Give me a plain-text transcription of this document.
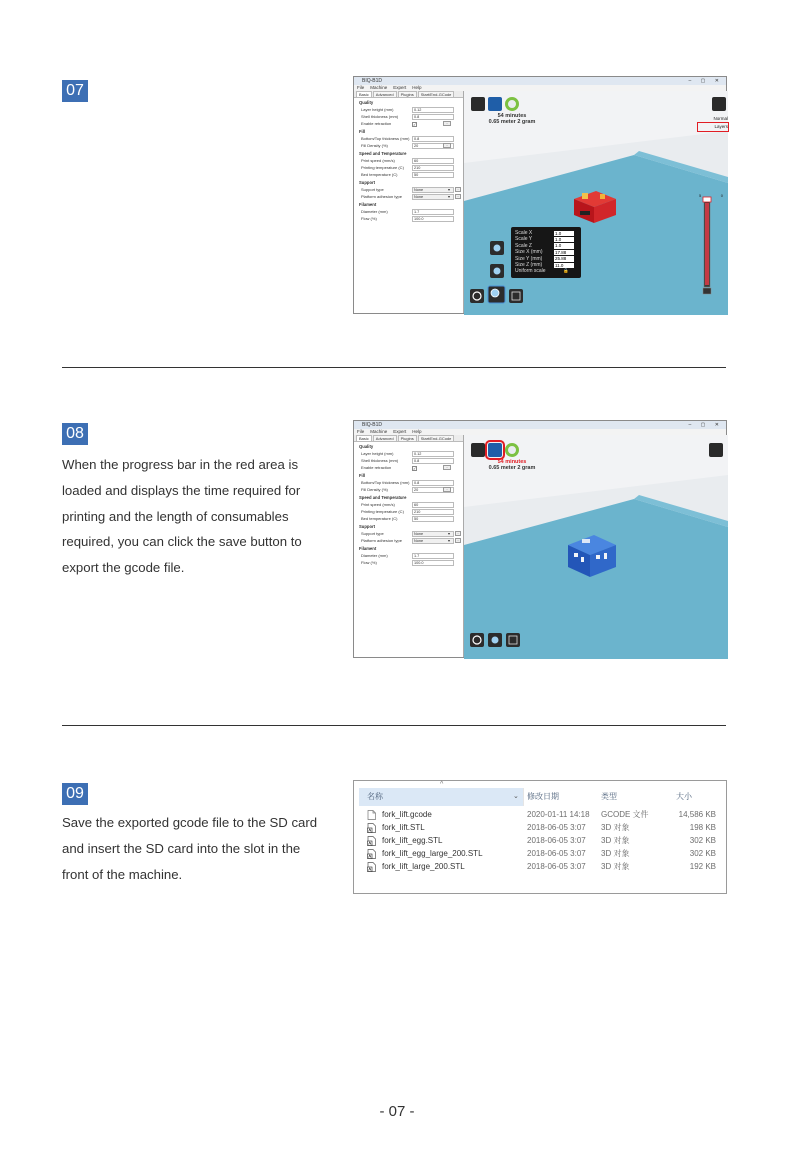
07
BIQ-B1D	– ▢ ✕
File Machine Expert Help
Basic Advanced Plugins Start/End-GCode
Quality
Layer height (mm)	0.12
Shell thickness (mm)	0.8
Enable retraction	✓	...
Fill
Bottom/Top thickness (mm)	0.8
Fill Density (%)	20	...
Speed and Temperature
Print speed (mm/s)	60
Printing temperature (C)	210
Bed temperature (C)	50
Support
Support type	None	▾	...
Platform adhesion type	None	▾	...
Filament
Diameter (mm)	1.7
Flow (%)	100.0
54 minutes
0.65 meter 2 gram
Normal
Layers
5	0
Scale X	1.0
Scale Y	1.0
Scale Z	1.0
Size X (mm)	17.88
Size Y (mm)	25.88
Size Z (mm)	11.0
Uniform scale	🔒
08
When the progress bar in the red area is
loaded and displays the time required for
printing and the length of consumables
required, you can click the save button to
export the gcode file.
BIQ-B1D	– ▢ ✕
File Machine Expert Help
Basic Advanced Plugins Start/End-GCode
Quality
Layer height (mm)	0.12
Shell thickness (mm)	0.8
Enable retraction	✓	...
Fill
Bottom/Top thickness (mm)	0.8
Fill Density (%)	20	...
Speed and Temperature
Print speed (mm/s)	60
Printing temperature (C)	210
Bed temperature (C)	50
Support
Support type	None	▾	...
Platform adhesion type	None	▾	...
Filament
Diameter (mm)	1.7
Flow (%)	100.0
54 minutes
0.65 meter 2 gram
09
Save the exported gcode file to the SD card
and insert the SD card into the slot in the
front of the machine.
^
名称	⌄ 修改日期	类型	大小
fork_lift.gcode	2020-01-11 14:18 GCODE 文件	14,586 KB
fork_lift.STL	2018-06-05 3:07 3D 对象	198 KB
fork_lift_egg.STL	2018-06-05 3:07 3D 对象	302 KB
fork_lift_egg_large_200.STL	2018-06-05 3:07 3D 对象	302 KB
fork_lift_large_200.STL	2018-06-05 3:07 3D 对象	192 KB
- 07 -
